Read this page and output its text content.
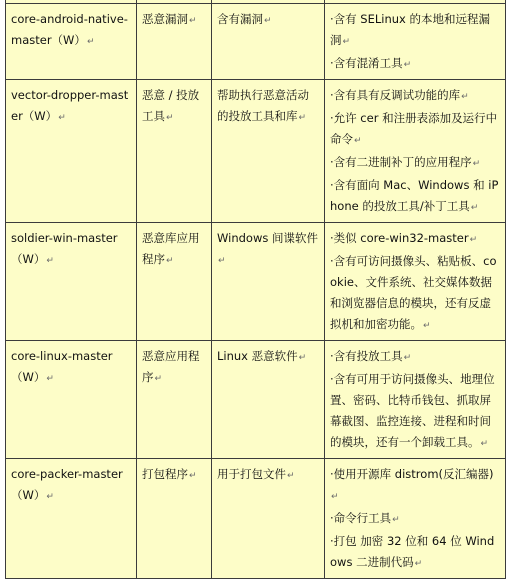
core-android-native-master（W）↵	恶意漏洞↵	含有漏洞↵	·含有 SELinux 的本地和远程漏洞↵
·含有混淆工具↵

vector-dropper-master（W）↵	恶意 / 投放工具↵	帮助执行恶意活动的投放工具和库↵	·含有具有反调试功能的库↵
·允许 cer 和注册表添加及运行中命令↵
·含有二进制补丁的应用程序↵
·含有面向 Mac、Windows 和 iPhone 的投放工具/补丁工具↵

soldier-win-master（W）↵	恶意库应用程序↵	Windows 间谍软件↵	·类似 core-win32-master↵
·含有可访问摄像头、粘贴板、cookie、文件系统、社交媒体数据和浏览器信息的模块，还有反虚拟机和加密功能。↵

core-linux-master（W）↵	恶意应用程序↵	Linux 恶意软件↵	·含有投放工具↵
·含有可用于访问摄像头、地理位置、密码、比特币钱包、抓取屏幕截图、监控连接、进程和时间的模块，还有一个卸载工具。↵

core-packer-master（W）↵	打包程序↵	用于打包文件↵	·使用开源库 distrom(反汇编器)↵
·命令行工具↵
·打包 加密 32 位和 64 位 Windows 二进制代码↵
